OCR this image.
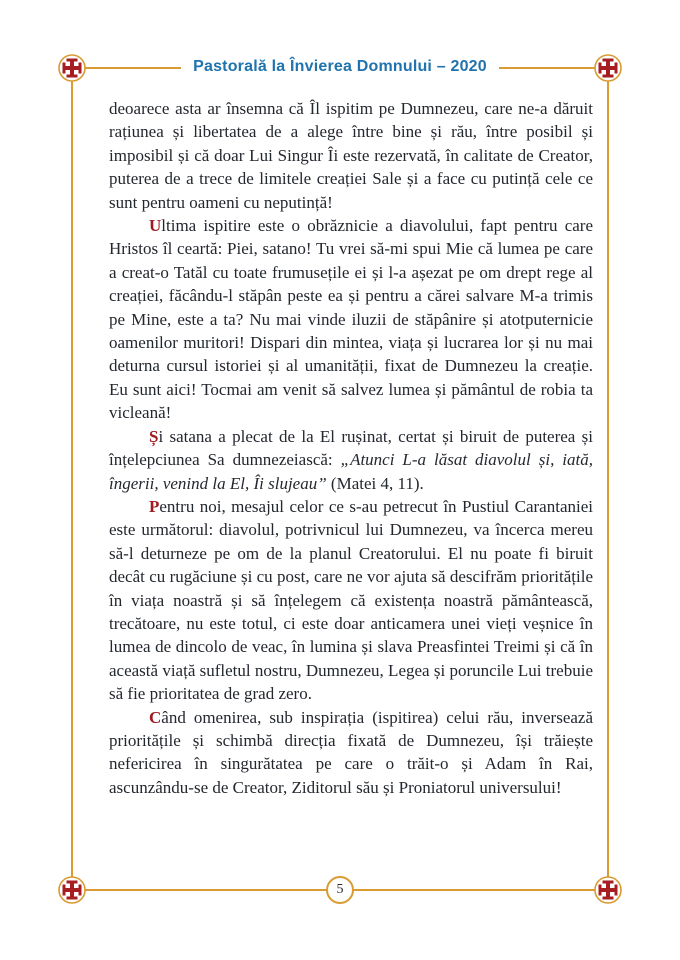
Pastorală la Învierea Domnului – 2020

deoarece asta ar însemna că Îl ispitim pe Dumnezeu, care ne-a dăruit rațiunea și libertatea de a alege între bine și rău, între posibil și imposibil și că doar Lui Singur Îi este rezervată, în calitate de Creator, puterea de a trece de limitele creației Sale și a face cu putință cele ce sunt pentru oameni cu neputință!

Ultima ispitire este o obrăznicie a diavolului, fapt pentru care Hristos îl ceartă: Piei, satano! Tu vrei să-mi spui Mie că lumea pe care a creat-o Tatăl cu toate frumusețile ei și l-a așezat pe om drept rege al creației, făcându-l stăpân peste ea și pentru a cărei salvare M-a trimis pe Mine, este a ta? Nu mai vinde iluzii de stăpânire și atotputernicie oamenilor muritori! Dispari din mintea, viața și lucrarea lor și nu mai deturna cursul istoriei și al umanității, fixat de Dumnezeu la creație. Eu sunt aici! Tocmai am venit să salvez lumea și pământul de robia ta vicleană!

Și satana a plecat de la El rușinat, certat și biruit de puterea și înțelepciunea Sa dumnezeiască: „Atunci L-a lăsat diavolul și, iată, îngerii, venind la El, Îi slujeau” (Matei 4, 11).

Pentru noi, mesajul celor ce s-au petrecut în Pustiul Carantaniei este următorul: diavolul, potrivnicul lui Dumnezeu, va încerca mereu să-l deturneze pe om de la planul Creatorului. El nu poate fi biruit decât cu rugăciune și cu post, care ne vor ajuta să descifrăm prioritățile în viața noastră și să înțelegem că existența noastră pământească, trecătoare, nu este totul, ci este doar anticamera unei vieți veșnice în lumea de dincolo de veac, în lumina și slava Preasfintei Treimi și că în această viață sufletul nostru, Dumnezeu, Legea și poruncile Lui trebuie să fie prioritatea de grad zero.

Când omenirea, sub inspirația (ispitirea) celui rău, inversează prioritățile și schimbă direcția fixată de Dumnezeu, își trăiește nefericirea în singurătatea pe care o trăit-o și Adam în Rai, ascunzându-se de Creator, Ziditorul său și Proniatorul universului!

5
